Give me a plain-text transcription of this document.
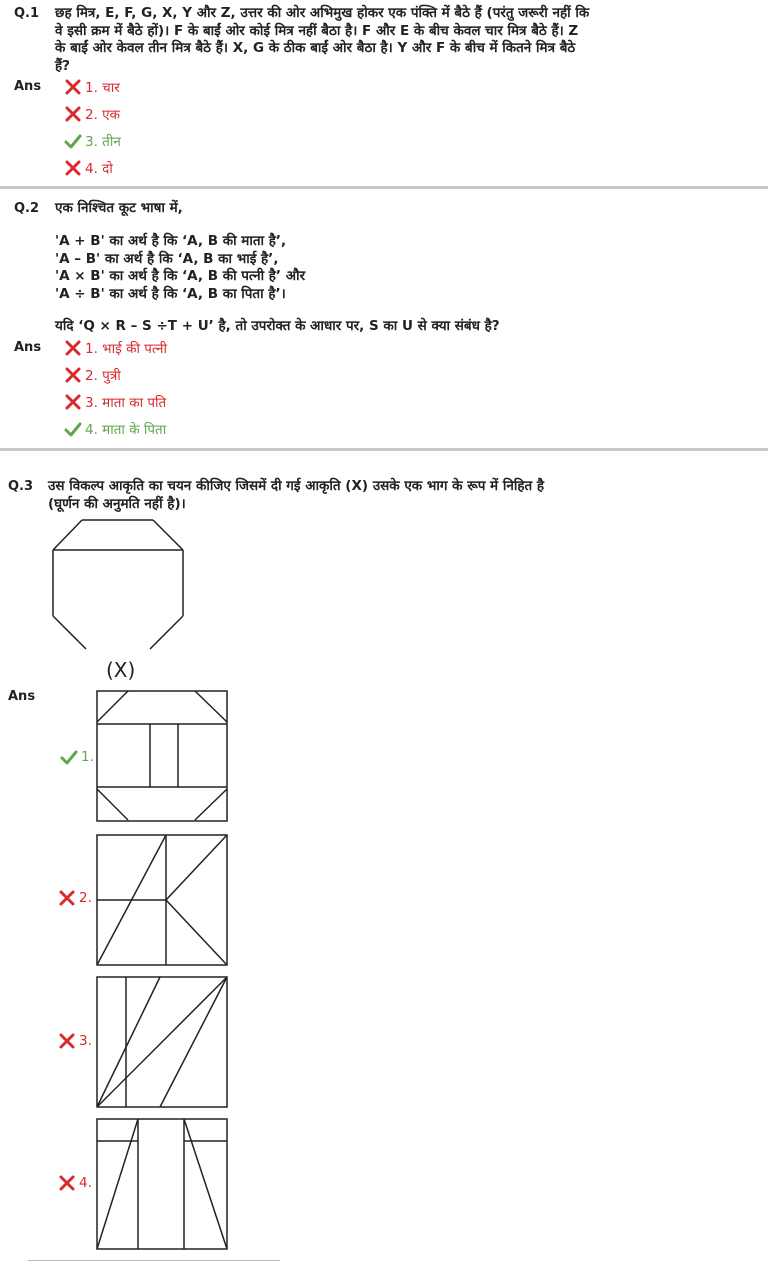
Q.1 छह मित्र, E, F, G, X, Y और Z, उत्तर की ओर अभिमुख होकर एक पंक्ति में बैठे हैं (परंतु जरूरी नहीं कि
वे इसी क्रम में बैठे हों)। F के बाईं ओर कोई मित्र नहीं बैठा है। F और E के बीच केवल चार मित्र बैठे हैं। Z
के बाईं ओर केवल तीन मित्र बैठे हैं। X, G के ठीक बाईं ओर बैठा है। Y और F के बीच में कितने मित्र बैठे
हैं?
Ans	1. चार
2. एक
3. तीन
4. दो
Q.2 एक निश्चित कूट भाषा में,
'A + B' का अर्थ है कि ‘A, B की माता है’,
'A – B' का अर्थ है कि ‘A, B का भाई है’,
'A × B' का अर्थ है कि ‘A, B की पत्नी है’ और
'A ÷ B' का अर्थ है कि ‘A, B का पिता है’।
यदि ‘Q × R – S ÷T + U’ है, तो उपरोक्त के आधार पर, S का U से क्या संबंध है?
Ans	1. भाई की पत्नी
2. पुत्री
3. माता का पति
4. माता के पिता
Q.3 उस विकल्प आकृति का चयन कीजिए जिसमें दी गई आकृति (X) उसके एक भाग के रूप में निहित है
(घूर्णन की अनुमति नहीं है)।
(X)
Ans
1.
2.
3.
4.
